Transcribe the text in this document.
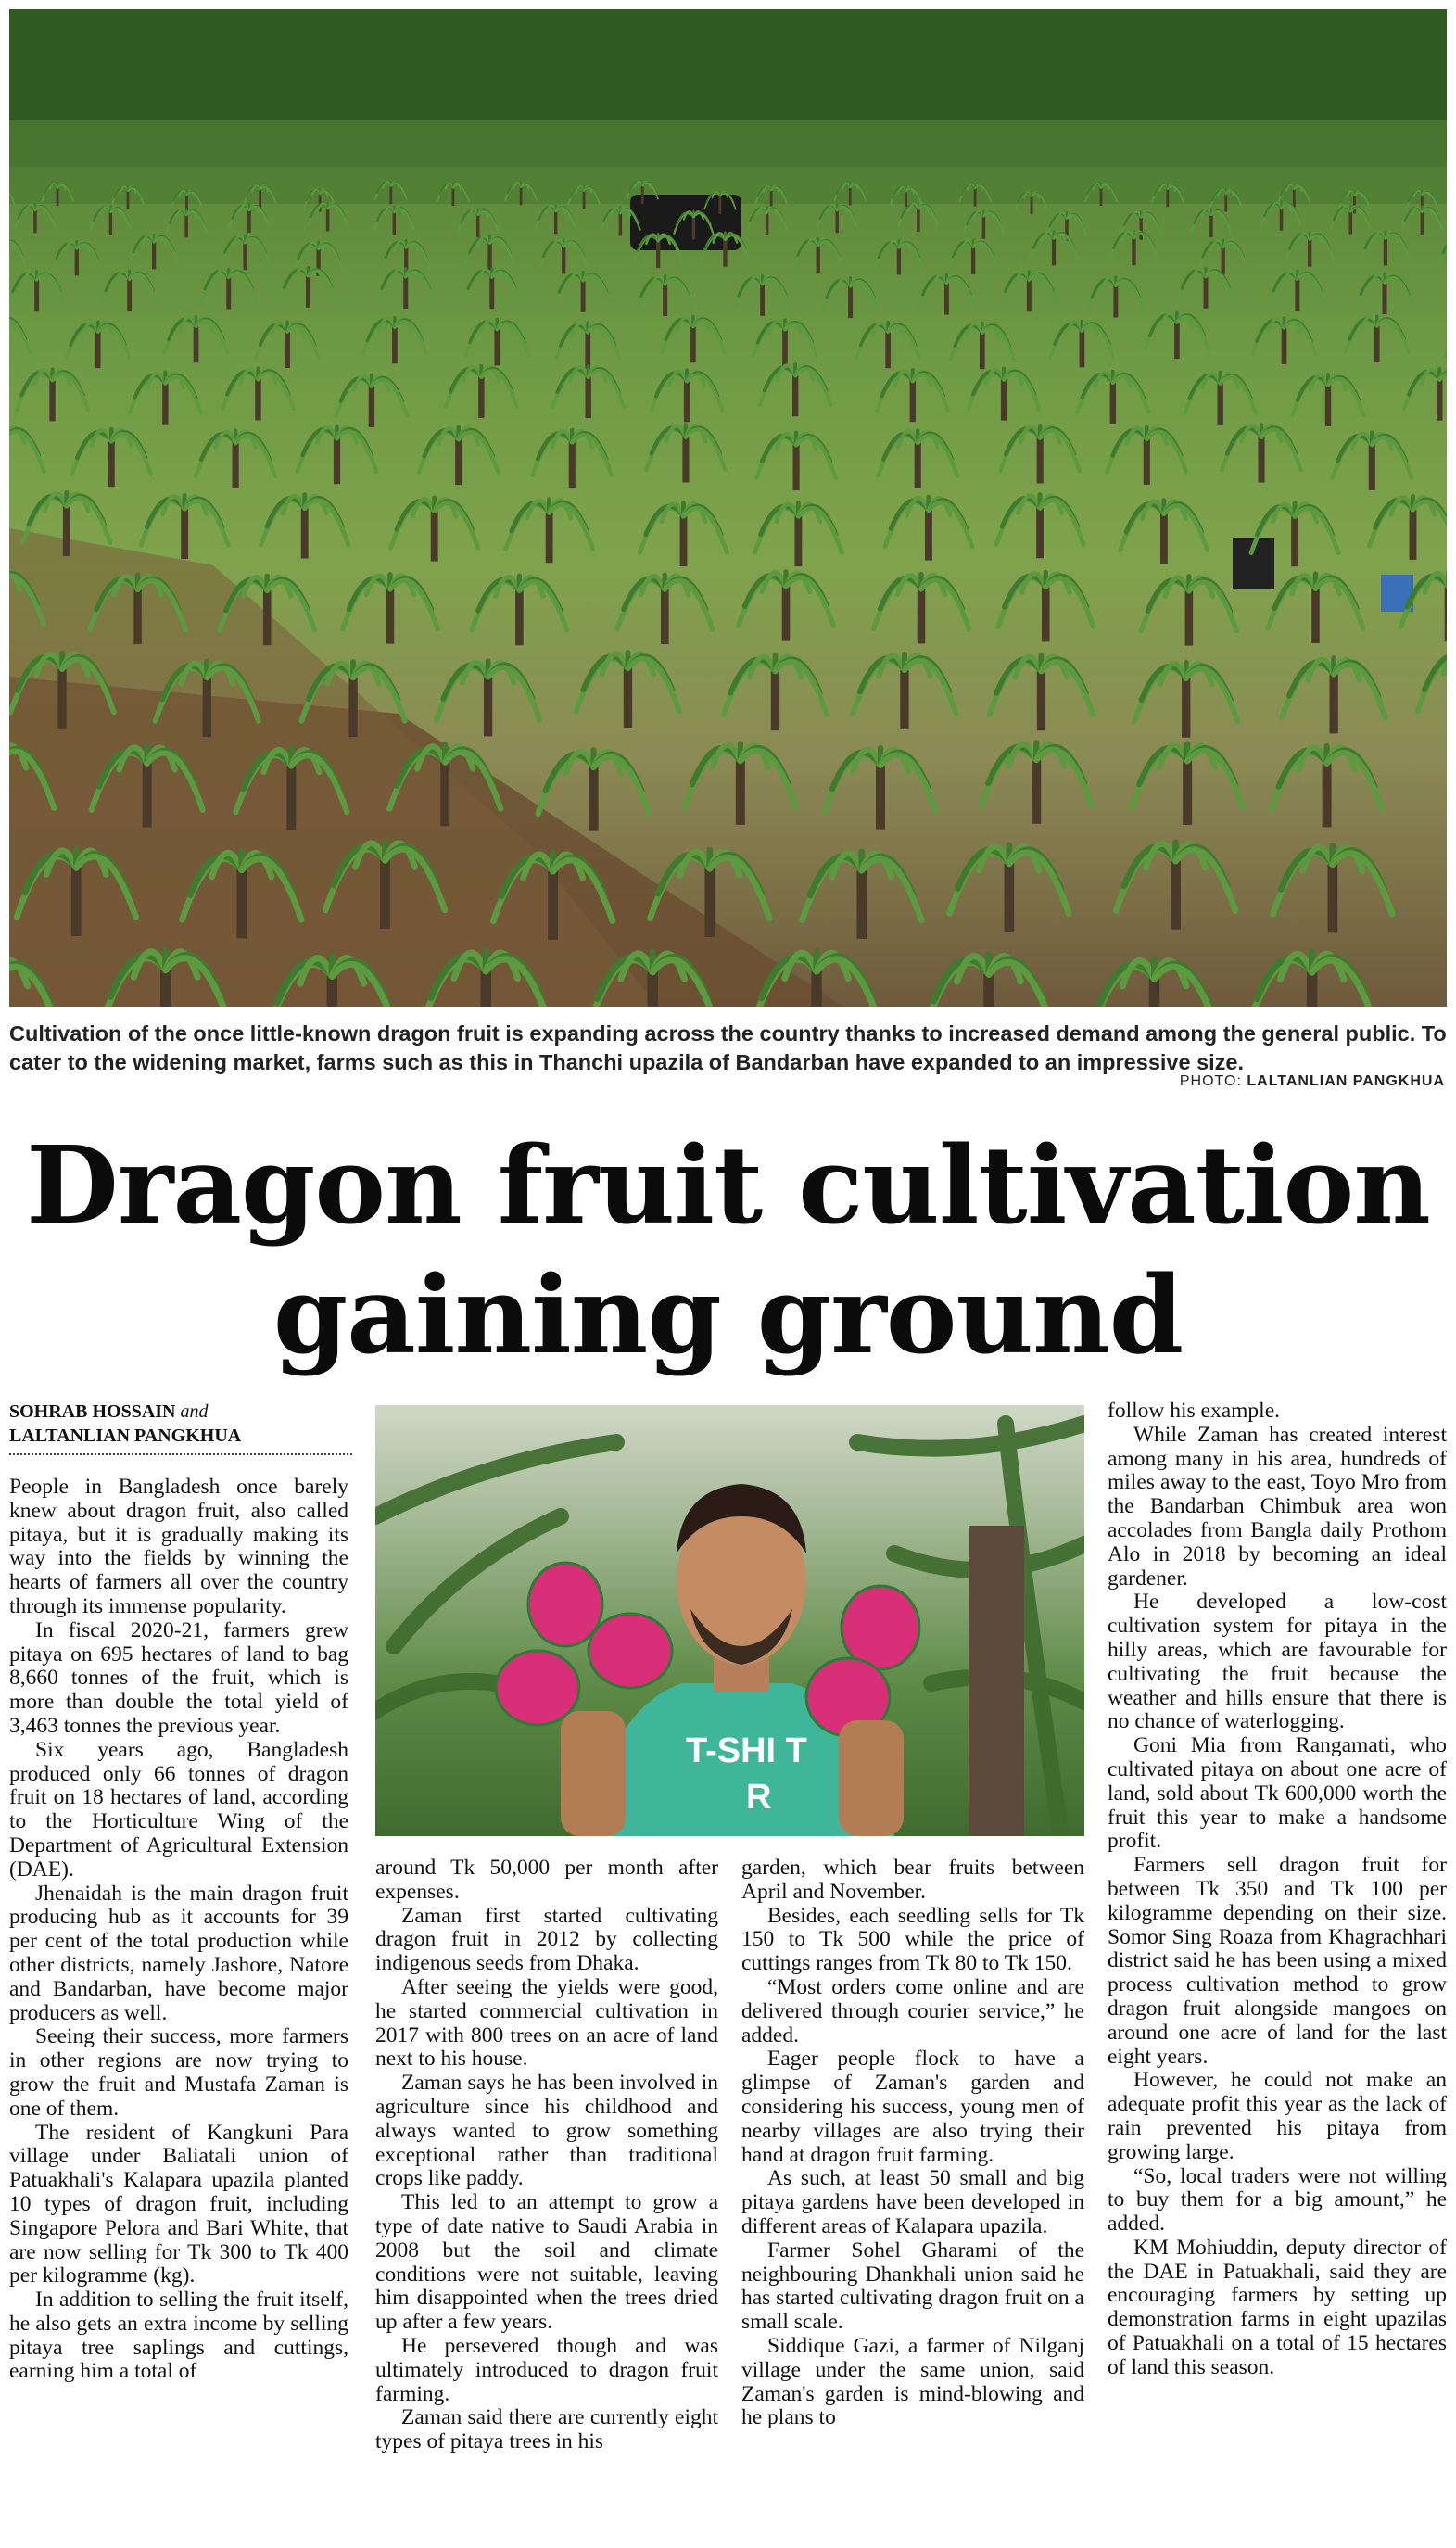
Cultivation of the once little-known dragon fruit is expanding across the country thanks to increased demand among the general public. To cater to the widening market, farms such as this in Thanchi upazila of Bandarban have expanded to an impressive size.
PHOTO: LALTANLIAN PANGKHUA
Dragon fruit cultivation
gaining ground
SOHRAB HOSSAIN and
LALTANLIAN PANGKHUA

People in Bangladesh once barely knew about dragon fruit, also called pitaya, but it is gradually making its way into the fields by winning the hearts of farmers all over the country through its immense popularity.

In fiscal 2020-21, farmers grew pitaya on 695 hectares of land to bag 8,660 tonnes of the fruit, which is more than double the total yield of 3,463 tonnes the previous year.

Six years ago, Bangladesh produced only 66 tonnes of dragon fruit on 18 hectares of land, according to the Horticulture Wing of the Department of Agricultural Extension (DAE).

Jhenaidah is the main dragon fruit producing hub as it accounts for 39 per cent of the total production while other districts, namely Jashore, Natore and Bandarban, have become major producers as well.

Seeing their success, more farmers in other regions are now trying to grow the fruit and Mustafa Zaman is one of them.

The resident of Kangkuni Para village under Baliatali union of Patuakhali's Kalapara upazila planted 10 types of dragon fruit, including Singapore Pelora and Bari White, that are now selling for Tk 300 to Tk 400 per kilogramme (kg).

In addition to selling the fruit itself, he also gets an extra income by selling pitaya tree saplings and cuttings, earning him a total of

T-SHI T
R

around Tk 50,000 per month after expenses.

Zaman first started cultivating dragon fruit in 2012 by collecting indigenous seeds from Dhaka.

After seeing the yields were good, he started commercial cultivation in 2017 with 800 trees on an acre of land next to his house.

Zaman says he has been involved in agriculture since his childhood and always wanted to grow something exceptional rather than traditional crops like paddy.

This led to an attempt to grow a type of date native to Saudi Arabia in 2008 but the soil and climate conditions were not suitable, leaving him disappointed when the trees dried up after a few years.

He persevered though and was ultimately introduced to dragon fruit farming.

Zaman said there are currently eight types of pitaya trees in his

garden, which bear fruits between April and November.

Besides, each seedling sells for Tk 150 to Tk 500 while the price of cuttings ranges from Tk 80 to Tk 150.

“Most orders come online and are delivered through courier service,” he added.

Eager people flock to have a glimpse of Zaman's garden and considering his success, young men of nearby villages are also trying their hand at dragon fruit farming.

As such, at least 50 small and big pitaya gardens have been developed in different areas of Kalapara upazila.

Farmer Sohel Gharami of the neighbouring Dhankhali union said he has started cultivating dragon fruit on a small scale.

Siddique Gazi, a farmer of Nilganj village under the same union, said Zaman's garden is mind-blowing and he plans to

follow his example.

While Zaman has created interest among many in his area, hundreds of miles away to the east, Toyo Mro from the Bandarban Chimbuk area won accolades from Bangla daily Prothom Alo in 2018 by becoming an ideal gardener.

He developed a low-cost cultivation system for pitaya in the hilly areas, which are favourable for cultivating the fruit because the weather and hills ensure that there is no chance of waterlogging.

Goni Mia from Rangamati, who cultivated pitaya on about one acre of land, sold about Tk 600,000 worth the fruit this year to make a handsome profit.

Farmers sell dragon fruit for between Tk 350 and Tk 100 per kilogramme depending on their size. Somor Sing Roaza from Khagrachhari district said he has been using a mixed process cultivation method to grow dragon fruit alongside mangoes on around one acre of land for the last eight years.

However, he could not make an adequate profit this year as the lack of rain prevented his pitaya from growing large.

“So, local traders were not willing to buy them for a big amount,” he added.

KM Mohiuddin, deputy director of the DAE in Patuakhali, said they are encouraging farmers by setting up demonstration farms in eight upazilas of Patuakhali on a total of 15 hectares of land this season.
